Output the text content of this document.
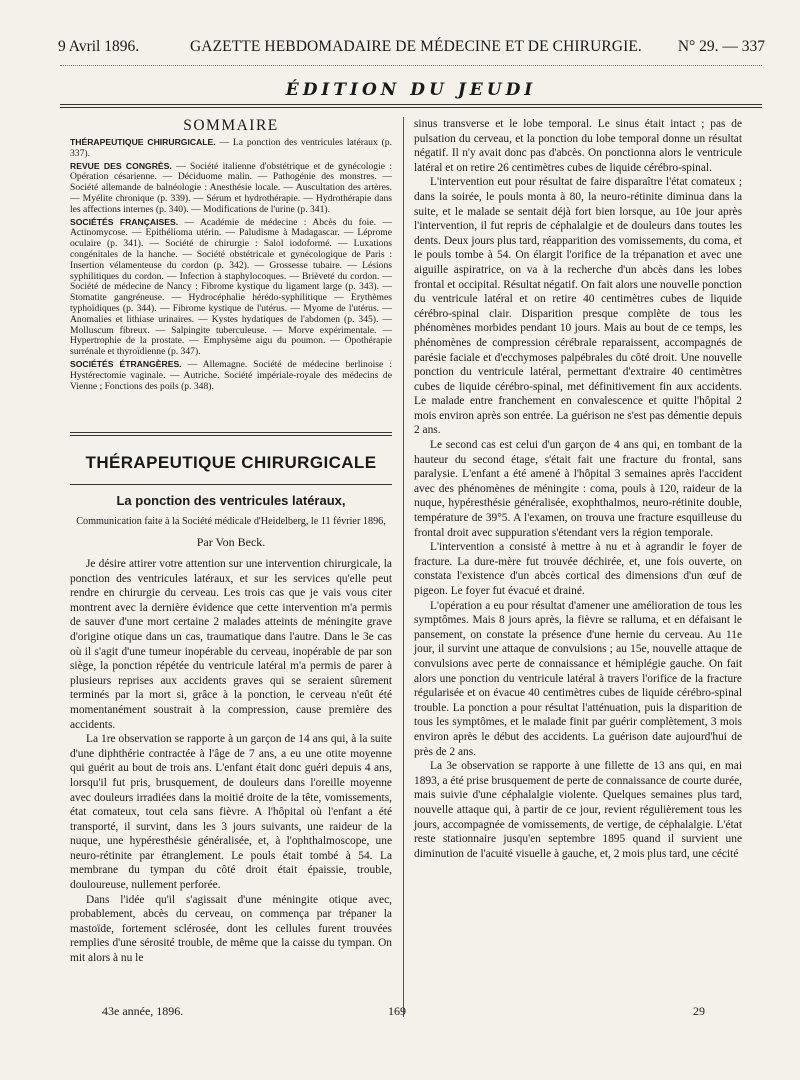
9 Avril 1896.	GAZETTE HEBDOMADAIRE DE MÉDECINE ET DE CHIRURGIE. N° 29. — 337
ÉDITION DU JEUDI
SOMMAIRE

THÉRAPEUTIQUE CHIRURGICALE. — La ponction des ventricules latéraux (p. 337).

REVUE DES CONGRÈS. — Société italienne d'obstétrique et de gynécologie : Opération césarienne. — Déciduome malin. — Pathogénie des monstres. — Société allemande de balnéologie : Anesthésie locale. — Auscultation des artères. — Myélite chronique (p. 339). — Sérum et hydrothérapie. — Hydrothérapie dans les affections internes (p. 340). — Modifications de l'urine (p. 341).

SOCIÉTÉS FRANÇAISES. — Académie de médecine : Abcès du foie. — Actinomycose. — Epithélioma utérin. — Paludisme à Madagascar. — Léprome oculaire (p. 341). — Société de chirurgie : Salol iodoformé. — Luxations congénitales de la hanche. — Société obstétricale et gynécologique de Paris : Insertion vélamenteuse du cordon (p. 342). — Grossesse tubaire. — Lésions syphilitiques du cordon. — Infection à staphylocoques. — Brièveté du cordon. — Société de médecine de Nancy : Fibrome kystique du ligament large (p. 343). — Stomatite gangréneuse. — Hydrocéphalie hérédo-syphilitique — Erythèmes typhoïdiques (p. 344). — Fibrome kystique de l'utérus. — Myome de l'utérus. — Anomalies et lithiase urinaires. — Kystes hydatiques de l'abdomen (p. 345). — Molluscum fibreux. — Salpingite tuberculeuse. — Morve expérimentale. — Hypertrophie de la prostate. — Emphysème aigu du poumon. — Opothérapie surrénale et thyroïdienne (p. 347).

SOCIÉTÉS ÉTRANGÈRES. — Allemagne. Société de médecine berlinoise : Hystérectomie vaginale. — Autriche. Société impériale-royale des médecins de Vienne ; Fonctions des poils (p. 348).

THÉRAPEUTIQUE CHIRURGICALE
La ponction des ventricules latéraux,
Communication faite à la Société médicale d'Heidelberg, le 11 février 1896,
Par Von Beck.

Je désire attirer votre attention sur une intervention chirurgicale, la ponction des ventricules latéraux, et sur les services qu'elle peut rendre en chirurgie du cerveau. Les trois cas que je vais vous citer montrent avec la dernière évidence que cette intervention m'a permis de sauver d'une mort certaine 2 malades atteints de méningite grave d'origine otique dans un cas, traumatique dans l'autre. Dans le 3e cas où il s'agit d'une tumeur inopérable du cerveau, inopérable de par son siège, la ponction répétée du ventricule latéral m'a permis de parer à plusieurs reprises aux accidents graves qui se seraient sûrement terminés par la mort si, grâce à la ponction, le cerveau n'eût été momentanément soustrait à la compression, cause première des accidents.

La 1re observation se rapporte à un garçon de 14 ans qui, à la suite d'une diphthérie contractée à l'âge de 7 ans, a eu une otite moyenne qui guérit au bout de trois ans. L'enfant était donc guéri depuis 4 ans, lorsqu'il fut pris, brusquement, de douleurs dans l'oreille moyenne avec douleurs irradiées dans la moitié droite de la tête, vomissements, état comateux, tout cela sans fièvre. A l'hôpital où l'enfant a été transporté, il survint, dans les 3 jours suivants, une raideur de la nuque, une hypéresthésie généralisée, et, à l'ophthalmoscope, une neuro-rétinite par étranglement. Le pouls était tombé à 54. La membrane du tympan du côté droit était épaissie, trouble, douloureuse, nullement perforée.

Dans l'idée qu'il s'agissait d'une méningite otique avec, probablement, abcès du cerveau, on commença par trépaner la mastoïde, fortement sclérosée, dont les cellules furent trouvées remplies d'une sérosité trouble, de même que la caisse du tympan. On mit alors à nu le

sinus transverse et le lobe temporal. Le sinus était intact ; pas de pulsation du cerveau, et la ponction du lobe temporal donne un résultat négatif. Il n'y avait donc pas d'abcès. On ponctionna alors le ventricule latéral et on retire 26 centimètres cubes de liquide cérébro-spinal.

L'intervention eut pour résultat de faire disparaître l'état comateux ; dans la soirée, le pouls monta à 80, la neuro-rétinite diminua dans la suite, et le malade se sentait déjà fort bien lorsque, au 10e jour après l'intervention, il fut repris de céphalalgie et de douleurs dans toutes les dents. Deux jours plus tard, réapparition des vomissements, du coma, et le pouls tombe à 54. On élargit l'orifice de la trépanation et avec une aiguille aspiratrice, on va à la recherche d'un abcès dans les lobes frontal et occipital. Résultat négatif. On fait alors une nouvelle ponction du ventricule latéral et on retire 40 centimètres cubes de liquide cérébro-spinal clair. Disparition presque complète de tous les phénomènes morbides pendant 10 jours. Mais au bout de ce temps, les phénomènes de compression cérébrale reparaissent, accompagnés de parésie faciale et d'ecchymoses palpébrales du côté droit. Une nouvelle ponction du ventricule latéral, permettant d'extraire 40 centimètres cubes de liquide cérébro-spinal, met définitivement fin aux accidents. Le malade entre franchement en convalescence et quitte l'hôpital 2 mois environ après son entrée. La guérison ne s'est pas démentie depuis 2 ans.

Le second cas est celui d'un garçon de 4 ans qui, en tombant de la hauteur du second étage, s'était fait une fracture du frontal, sans paralysie. L'enfant a été amené à l'hôpital 3 semaines après l'accident avec des phénomènes de méningite : coma, pouls à 120, raideur de la nuque, hypéresthésie généralisée, exophthalmos, neuro-rétinite double, température de 39°5. A l'examen, on trouva une fracture esquilleuse du frontal droit avec suppuration s'étendant vers la région temporale.

L'intervention a consisté à mettre à nu et à agrandir le foyer de fracture. La dure-mère fut trouvée déchirée, et, une fois ouverte, on constata l'existence d'un abcès cortical des dimensions d'un œuf de pigeon. Le foyer fut évacué et drainé.

L'opération a eu pour résultat d'amener une amélioration de tous les symptômes. Mais 8 jours après, la fièvre se ralluma, et en défaisant le pansement, on constate la présence d'une hernie du cerveau. Au 11e jour, il survint une attaque de convulsions ; au 15e, nouvelle attaque de convulsions avec perte de connaissance et hémiplégie gauche. On fait alors une ponction du ventricule latéral à travers l'orifice de la fracture régularisée et on évacue 40 centimètres cubes de liquide cérébro-spinal trouble. La ponction a pour résultat l'atténuation, puis la disparition de tous les symptômes, et le malade finit par guérir complètement, 3 mois environ après le début des accidents. La guérison date aujourd'hui de près de 2 ans.

La 3e observation se rapporte à une fillette de 13 ans qui, en mai 1893, a été prise brusquement de perte de connaissance de courte durée, mais suivie d'une céphalalgie violente. Quelques semaines plus tard, nouvelle attaque qui, à partir de ce jour, revient régulièrement tous les jours, accompagnée de vomissements, de vertige, de céphalalgie. L'état reste stationnaire jusqu'en septembre 1895 quand il survient une diminution de l'acuité visuelle à gauche, et, 2 mois plus tard, une cécité

43e année, 1896.	169	29
